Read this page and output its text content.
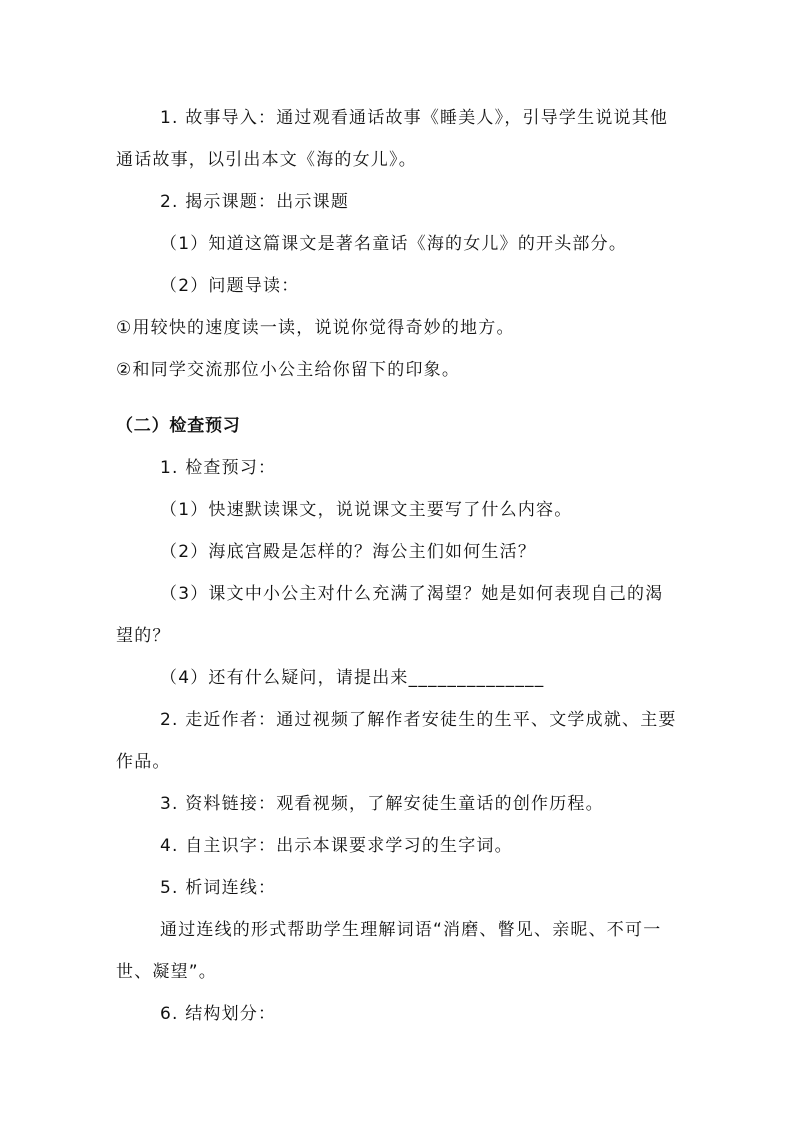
1. 故事导入：通过观看通话故事《睡美人》，引导学生说说其他
通话故事，以引出本文《海的女儿》。
2. 揭示课题：出示课题
（1）知道这篇课文是著名童话《海的女儿》的开头部分。
（2）问题导读：
①用较快的速度读一读，说说你觉得奇妙的地方。
②和同学交流那位小公主给你留下的印象。
（二）检查预习
1. 检查预习：
（1）快速默读课文，说说课文主要写了什么内容。
（2）海底宫殿是怎样的？海公主们如何生活？
（3）课文中小公主对什么充满了渴望？她是如何表现自己的渴
望的？
（4）还有什么疑问，请提出来______________
2. 走近作者：通过视频了解作者安徒生的生平、文学成就、主要
作品。
3. 资料链接：观看视频，了解安徒生童话的创作历程。
4. 自主识字：出示本课要求学习的生字词。
5. 析词连线：
通过连线的形式帮助学生理解词语“消磨、瞥见、亲昵、不可一
世、凝望”。
6. 结构划分：
